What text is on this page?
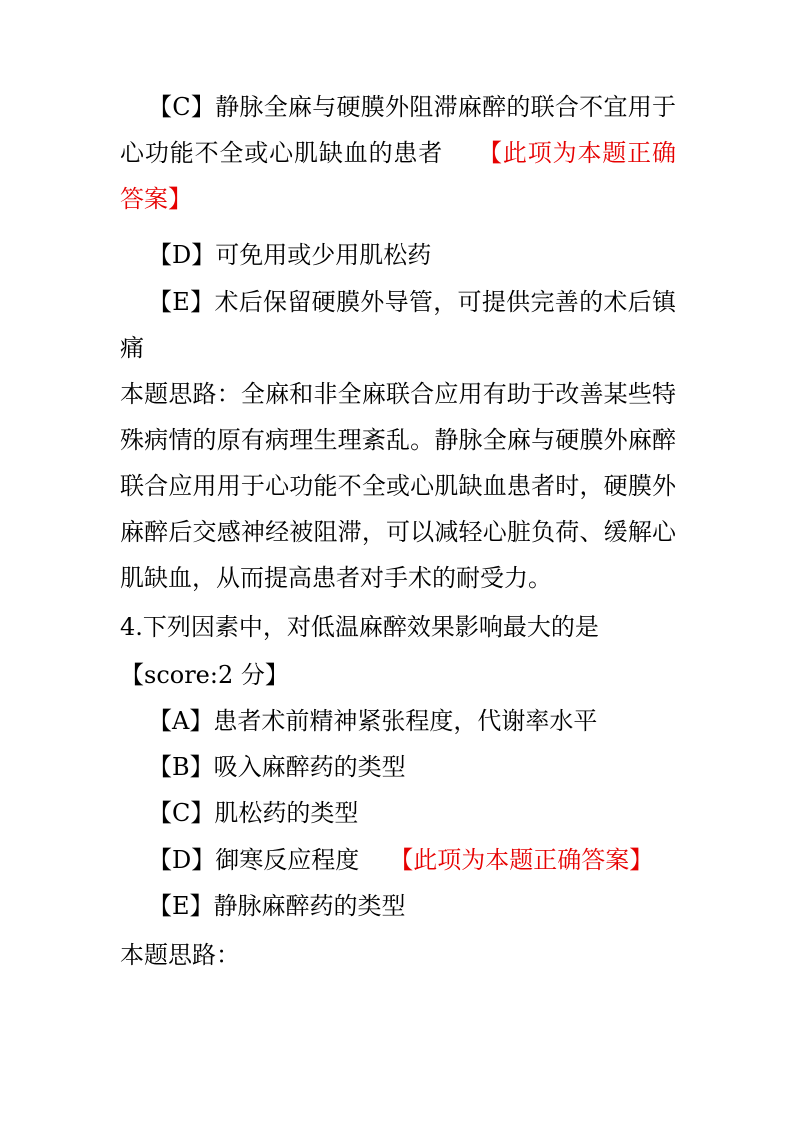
【C】静脉全麻与硬膜外阻滞麻醉的联合不宜用于心功能不全或心肌缺血的患者 【此项为本题正确答案】
【D】可免用或少用肌松药
【E】术后保留硬膜外导管，可提供完善的术后镇痛
本题思路：全麻和非全麻联合应用有助于改善某些特殊病情的原有病理生理紊乱。静脉全麻与硬膜外麻醉联合应用用于心功能不全或心肌缺血患者时，硬膜外麻醉后交感神经被阻滞，可以减轻心脏负荷、缓解心肌缺血，从而提高患者对手术的耐受力。
4.下列因素中，对低温麻醉效果影响最大的是
【score:2 分】
【A】患者术前精神紧张程度，代谢率水平
【B】吸入麻醉药的类型
【C】肌松药的类型
【D】御寒反应程度 【此项为本题正确答案】
【E】静脉麻醉药的类型
本题思路：
